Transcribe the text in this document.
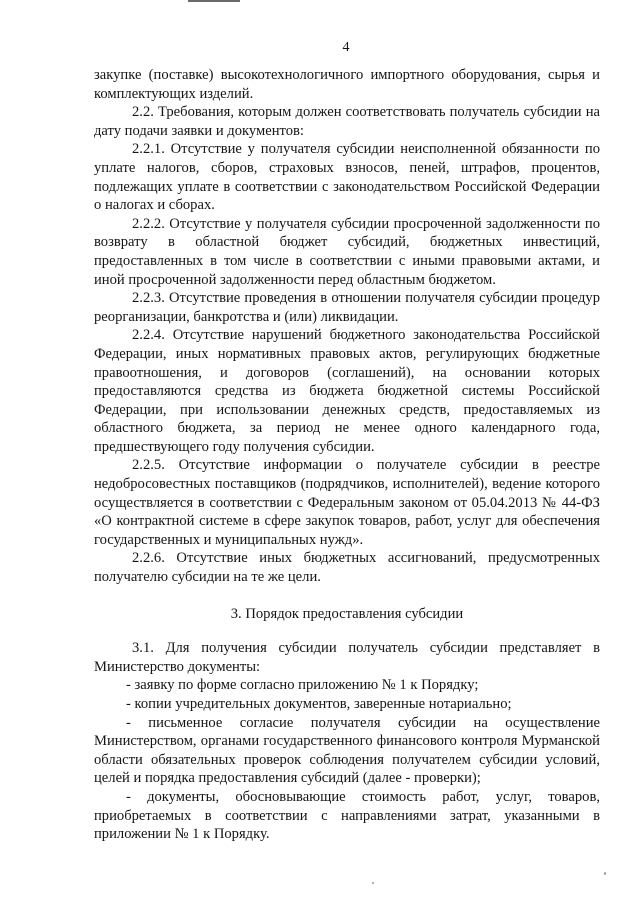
4

закупке (поставке) высокотехнологичного импортного оборудования, сырья и комплектующих изделий.

2.2. Требования, которым должен соответствовать получатель субсидии на дату подачи заявки и документов:

2.2.1. Отсутствие у получателя субсидии неисполненной обязанности по уплате налогов, сборов, страховых взносов, пеней, штрафов, процентов, подлежащих уплате в соответствии с законодательством Российской Федерации о налогах и сборах.

2.2.2. Отсутствие у получателя субсидии просроченной задолженности по возврату в областной бюджет субсидий, бюджетных инвестиций, предоставленных в том числе в соответствии с иными правовыми актами, и иной просроченной задолженности перед областным бюджетом.

2.2.3. Отсутствие проведения в отношении получателя субсидии процедур реорганизации, банкротства и (или) ликвидации.

2.2.4. Отсутствие нарушений бюджетного законодательства Российской Федерации, иных нормативных правовых актов, регулирующих бюджетные правоотношения, и договоров (соглашений), на основании которых предоставляются средства из бюджета бюджетной системы Российской Федерации, при использовании денежных средств, предоставляемых из областного бюджета, за период не менее одного календарного года, предшествующего году получения субсидии.

2.2.5. Отсутствие информации о получателе субсидии в реестре недобросовестных поставщиков (подрядчиков, исполнителей), ведение которого осуществляется в соответствии с Федеральным законом от 05.04.2013 № 44-ФЗ «О контрактной системе в сфере закупок товаров, работ, услуг для обеспечения государственных и муниципальных нужд».

2.2.6. Отсутствие иных бюджетных ассигнований, предусмотренных получателю субсидии на те же цели.

3. Порядок предоставления субсидии

3.1. Для получения субсидии получатель субсидии представляет в Министерство документы:

- заявку по форме согласно приложению № 1 к Порядку;

- копии учредительных документов, заверенные нотариально;

- письменное согласие получателя субсидии на осуществление Министерством, органами государственного финансового контроля Мурманской области обязательных проверок соблюдения получателем субсидии условий, целей и порядка предоставления субсидий (далее - проверки);

- документы, обосновывающие стоимость работ, услуг, товаров, приобретаемых в соответствии с направлениями затрат, указанными в приложении № 1 к Порядку.
